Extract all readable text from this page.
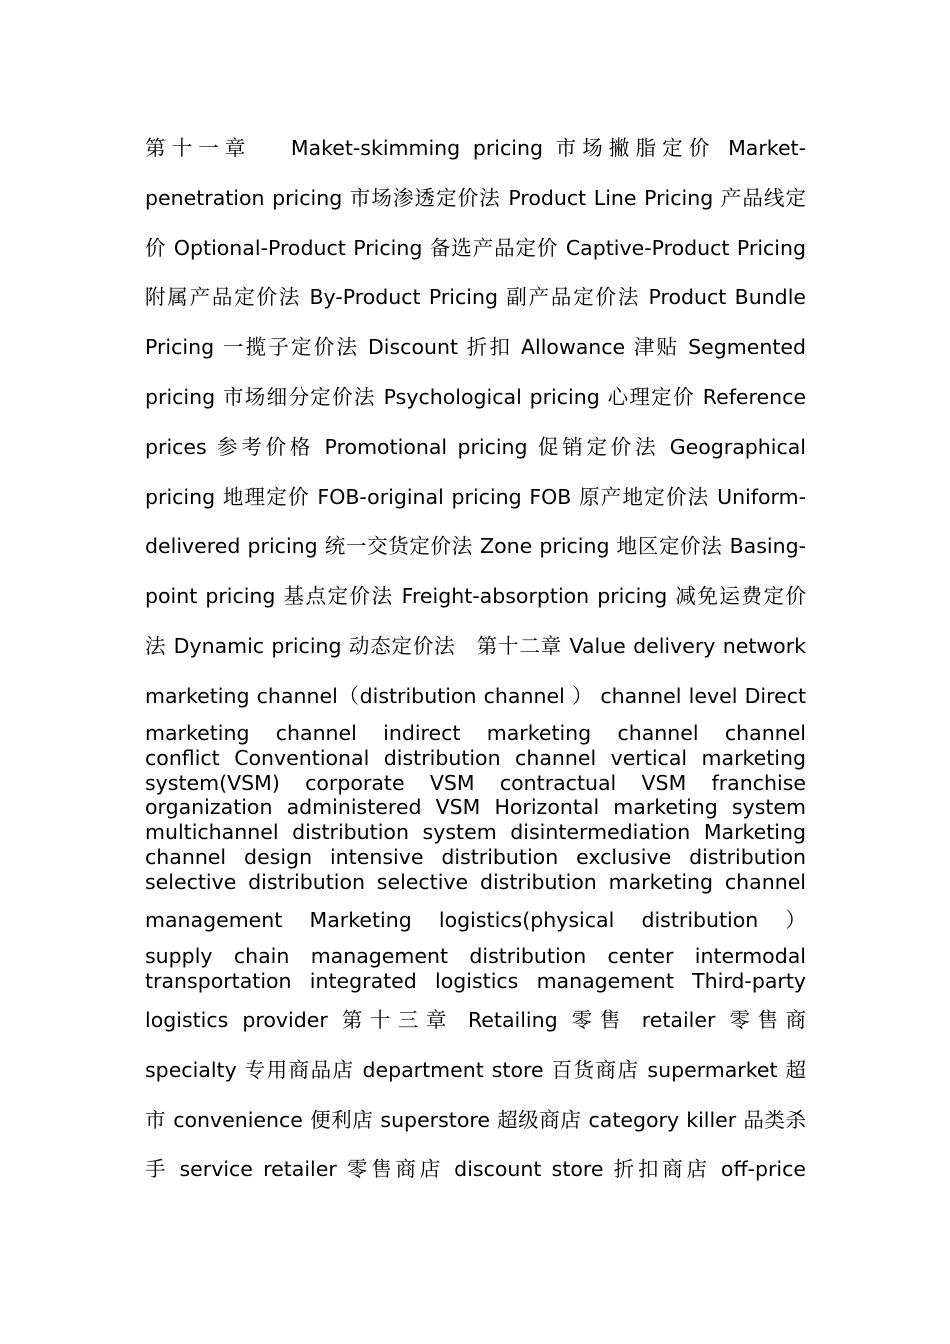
第十一章　 Maket-skimming pricing 市场撇脂定价 Market-
penetration pricing 市场渗透定价法 Product Line Pricing 产品线定
价 Optional-Product Pricing 备选产品定价 Captive-Product Pricing
附属产品定价法 By-Product Pricing 副产品定价法 Product Bundle
Pricing 一揽子定价法 Discount 折扣 Allowance 津贴 Segmented
pricing 市场细分定价法 Psychological pricing 心理定价 Reference
prices 参考价格 Promotional pricing 促销定价法 Geographical
pricing 地理定价 FOB-original pricing FOB 原产地定价法 Uniform-
delivered pricing 统一交货定价法 Zone pricing 地区定价法 Basing-
point pricing 基点定价法 Freight-absorption pricing 减免运费定价
法 Dynamic pricing 动态定价法　第十二章 Value delivery network
marketing channel（distribution channel ） channel level Direct
marketing channel indirect marketing channel channel
conflict Conventional distribution channel vertical marketing
system(VSM) corporate VSM contractual VSM franchise
organization administered VSM Horizontal marketing system
multichannel distribution system disintermediation Marketing
channel design intensive distribution exclusive distribution
selective distribution selective distribution marketing channel
management Marketing logistics(physical distribution ）
supply chain management distribution center intermodal
transportation integrated logistics management Third-party
logistics provider 第十三章 Retailing 零售 retailer 零售商
specialty 专用商品店 department store 百货商店 supermarket 超
市 convenience 便利店 superstore 超级商店 category killer 品类杀
手 service retailer 零售商店 discount store 折扣商店 off-price
